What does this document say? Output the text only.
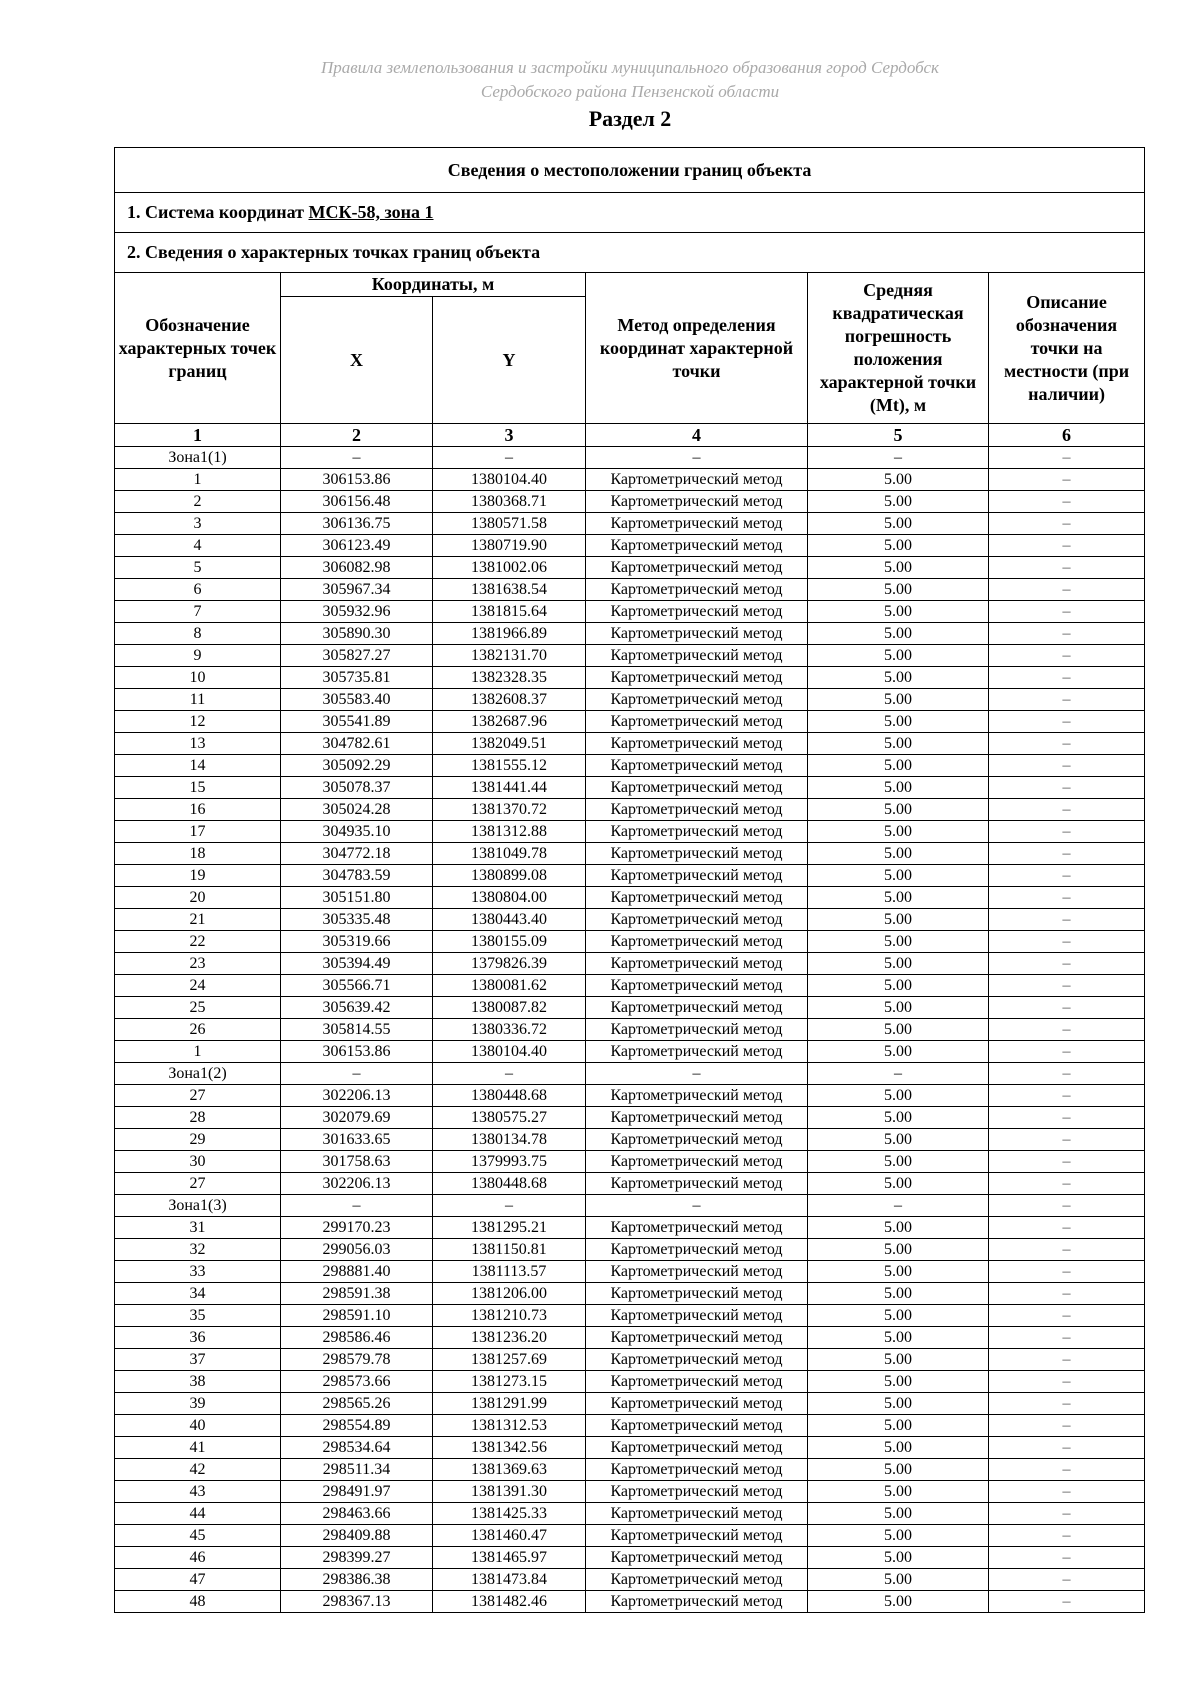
Правила землепользования и застройки муниципального образования город Сердобск
Сердобского района Пензенской области
Раздел 2
Сведения о местоположении границ объекта					
1. Система координат МСК-58, зона 1					
2. Сведения о характерных точках границ объекта					
Обозначение характерных точек границ	Координаты, м		Метод определения координат характерной точки	Средняя квадратическая погрешность положения характерной точки (Mt), м	Описание обозначения точки на местности (при наличии)
	X	Y			
1	2	3	4	5	6
Зона1(1)	–	–	–	–	–
1	306153.86	1380104.40	Картометрический метод	5.00	–
2	306156.48	1380368.71	Картометрический метод	5.00	–
3	306136.75	1380571.58	Картометрический метод	5.00	–
4	306123.49	1380719.90	Картометрический метод	5.00	–
5	306082.98	1381002.06	Картометрический метод	5.00	–
6	305967.34	1381638.54	Картометрический метод	5.00	–
7	305932.96	1381815.64	Картометрический метод	5.00	–
8	305890.30	1381966.89	Картометрический метод	5.00	–
9	305827.27	1382131.70	Картометрический метод	5.00	–
10	305735.81	1382328.35	Картометрический метод	5.00	–
11	305583.40	1382608.37	Картометрический метод	5.00	–
12	305541.89	1382687.96	Картометрический метод	5.00	–
13	304782.61	1382049.51	Картометрический метод	5.00	–
14	305092.29	1381555.12	Картометрический метод	5.00	–
15	305078.37	1381441.44	Картометрический метод	5.00	–
16	305024.28	1381370.72	Картометрический метод	5.00	–
17	304935.10	1381312.88	Картометрический метод	5.00	–
18	304772.18	1381049.78	Картометрический метод	5.00	–
19	304783.59	1380899.08	Картометрический метод	5.00	–
20	305151.80	1380804.00	Картометрический метод	5.00	–
21	305335.48	1380443.40	Картометрический метод	5.00	–
22	305319.66	1380155.09	Картометрический метод	5.00	–
23	305394.49	1379826.39	Картометрический метод	5.00	–
24	305566.71	1380081.62	Картометрический метод	5.00	–
25	305639.42	1380087.82	Картометрический метод	5.00	–
26	305814.55	1380336.72	Картометрический метод	5.00	–
1	306153.86	1380104.40	Картометрический метод	5.00	–
Зона1(2)	–	–	–	–	–
27	302206.13	1380448.68	Картометрический метод	5.00	–
28	302079.69	1380575.27	Картометрический метод	5.00	–
29	301633.65	1380134.78	Картометрический метод	5.00	–
30	301758.63	1379993.75	Картометрический метод	5.00	–
27	302206.13	1380448.68	Картометрический метод	5.00	–
Зона1(3)	–	–	–	–	–
31	299170.23	1381295.21	Картометрический метод	5.00	–
32	299056.03	1381150.81	Картометрический метод	5.00	–
33	298881.40	1381113.57	Картометрический метод	5.00	–
34	298591.38	1381206.00	Картометрический метод	5.00	–
35	298591.10	1381210.73	Картометрический метод	5.00	–
36	298586.46	1381236.20	Картометрический метод	5.00	–
37	298579.78	1381257.69	Картометрический метод	5.00	–
38	298573.66	1381273.15	Картометрический метод	5.00	–
39	298565.26	1381291.99	Картометрический метод	5.00	–
40	298554.89	1381312.53	Картометрический метод	5.00	–
41	298534.64	1381342.56	Картометрический метод	5.00	–
42	298511.34	1381369.63	Картометрический метод	5.00	–
43	298491.97	1381391.30	Картометрический метод	5.00	–
44	298463.66	1381425.33	Картометрический метод	5.00	–
45	298409.88	1381460.47	Картометрический метод	5.00	–
46	298399.27	1381465.97	Картометрический метод	5.00	–
47	298386.38	1381473.84	Картометрический метод	5.00	–
48	298367.13	1381482.46	Картометрический метод	5.00	–
